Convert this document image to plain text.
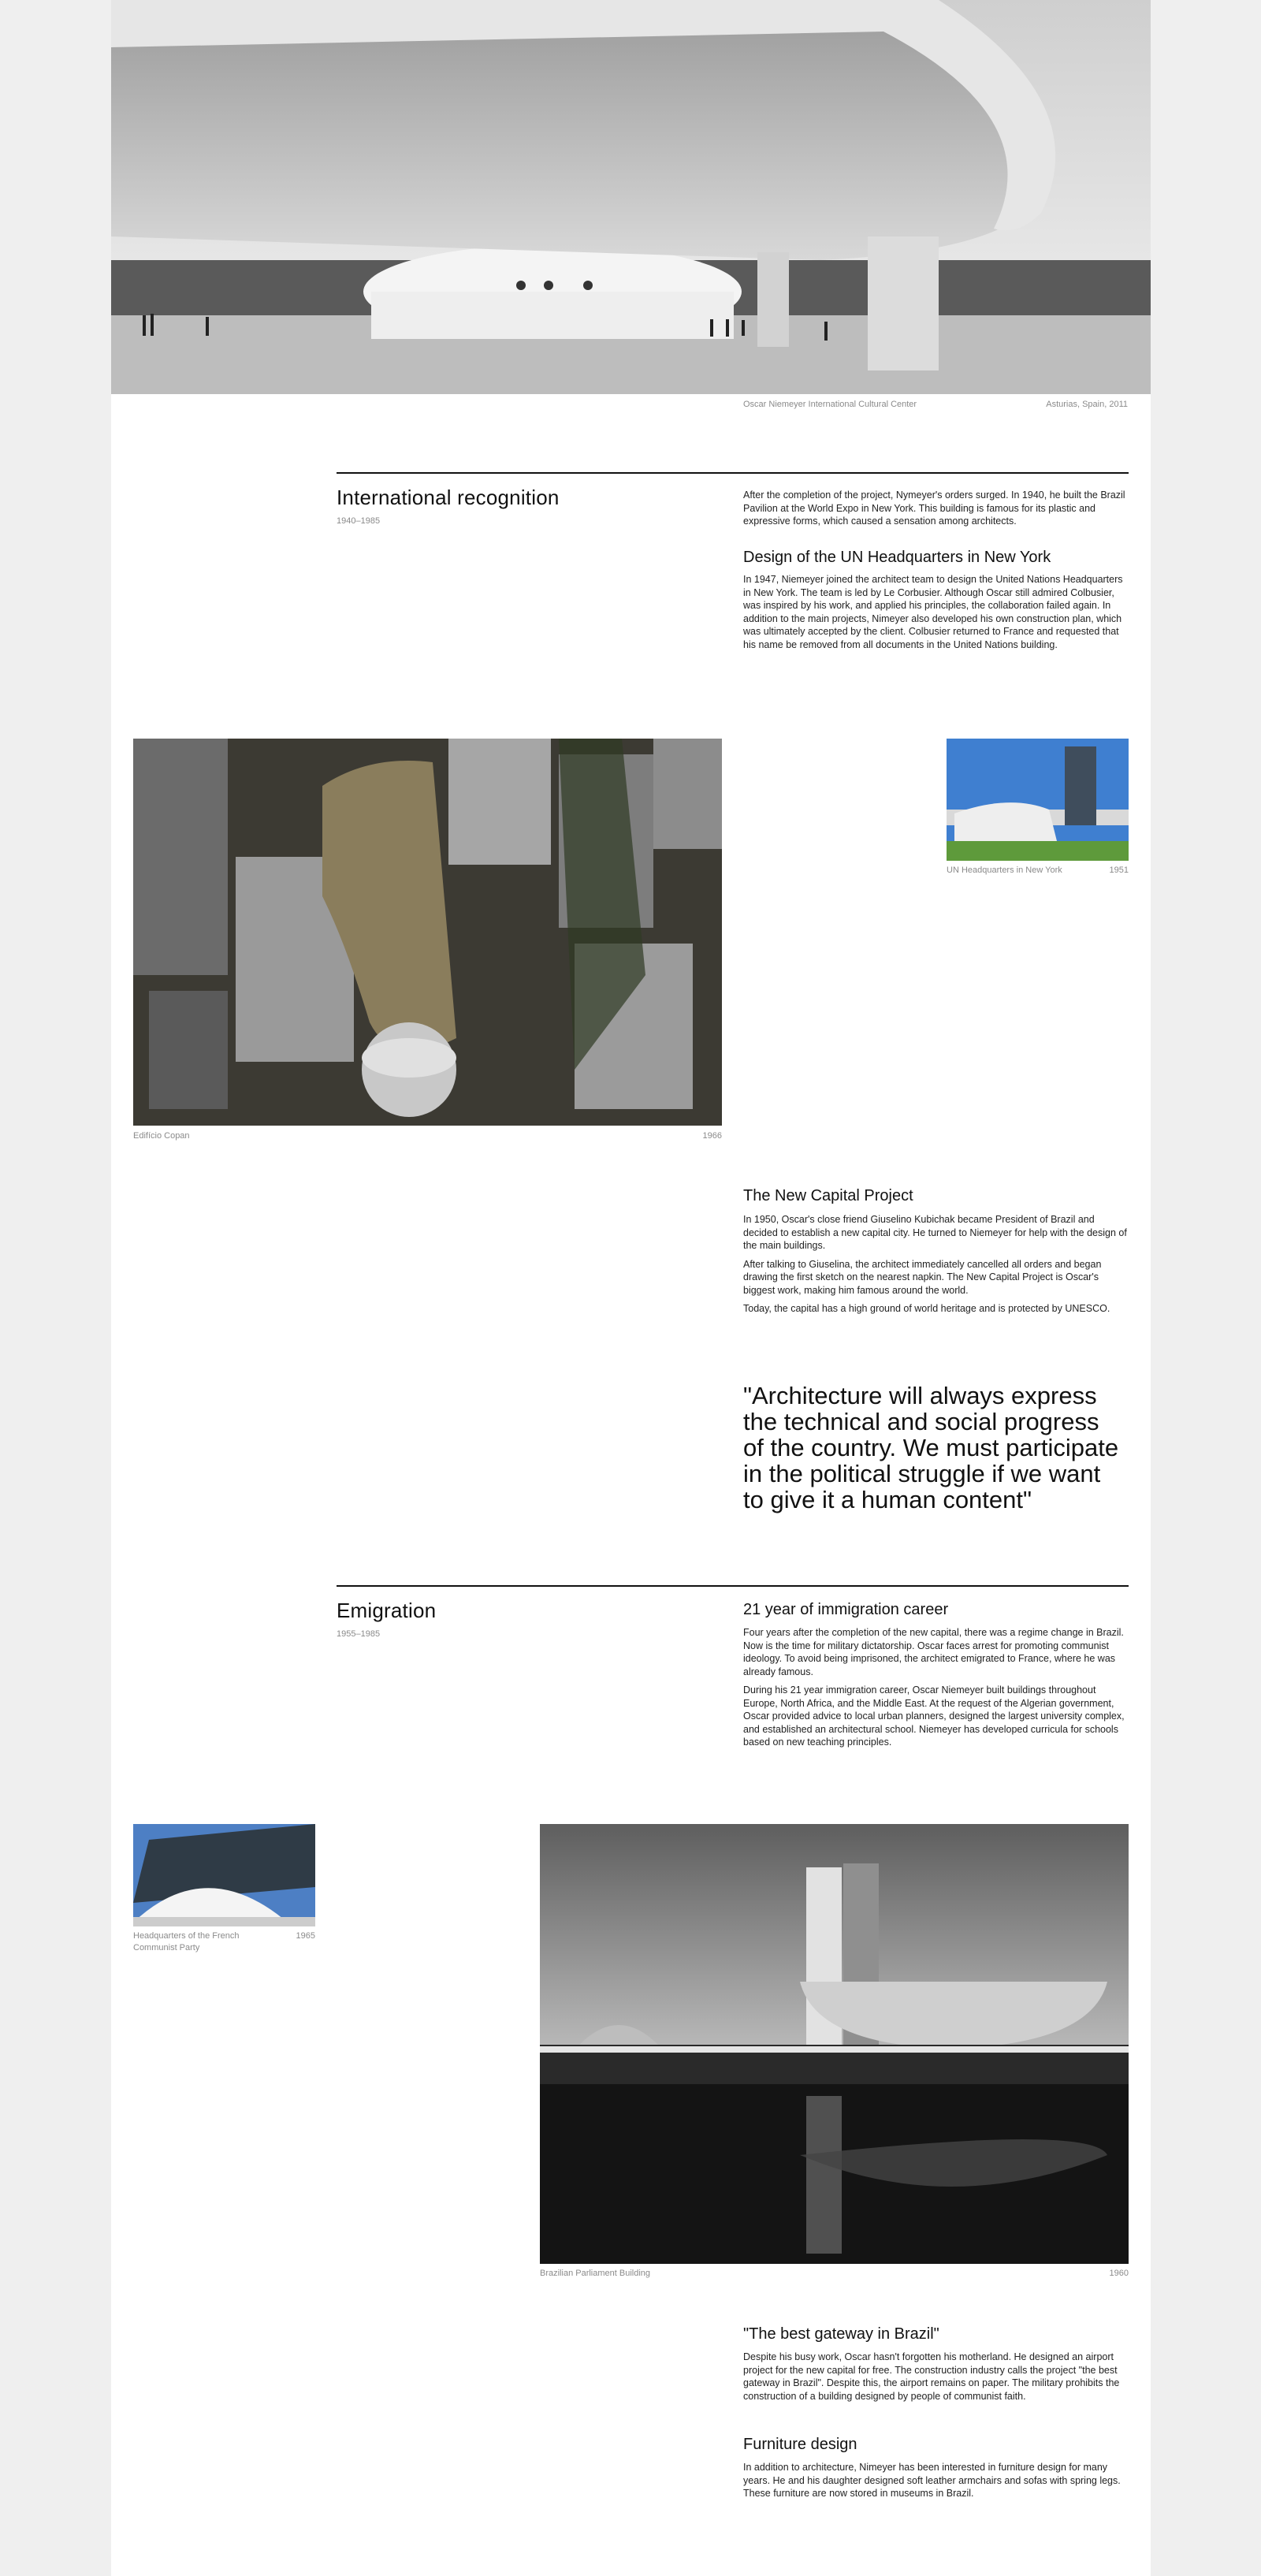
Oscar Niemeyer International Cultural Center	Asturias, Spain, 2011
International recognition
1940–1985
After the completion of the project, Nymeyer's orders surged. In 1940, he built the Brazil Pavilion at the World Expo in New York. This building is famous for its plastic and expressive forms, which caused a sensation among architects.
Design of the UN Headquarters in New York
In 1947, Niemeyer joined the architect team to design the United Nations Headquarters in New York. The team is led by Le Corbusier. Although Oscar still admired Colbusier, was inspired by his work, and applied his principles, the collaboration failed again. In addition to the main projects, Nimeyer also developed his own construction plan, which was ultimately accepted by the client. Colbusier returned to France and requested that his name be removed from all documents in the United Nations building.
Edifício Copan	1966
UN Headquarters in New York	1951
The New Capital Project
In 1950, Oscar's close friend Giuselino Kubichak became President of Brazil and decided to establish a new capital city. He turned to Niemeyer for help with the design of the main buildings.
After talking to Giuselina, the architect immediately cancelled all orders and began drawing the first sketch on the nearest napkin. The New Capital Project is Oscar's biggest work, making him famous around the world.
Today, the capital has a high ground of world heritage and is protected by UNESCO.
"Architecture will always express the technical and social progress of the country. We must participate in the political struggle if we want to give it a human content"
Emigration
1955–1985
21 year of immigration career
Four years after the completion of the new capital, there was a regime change in Brazil. Now is the time for military dictatorship. Oscar faces arrest for promoting communist ideology. To avoid being imprisoned, the architect emigrated to France, where he was already famous.
During his 21 year immigration career, Oscar Niemeyer built buildings throughout Europe, North Africa, and the Middle East. At the request of the Algerian government, Oscar provided advice to local urban planners, designed the largest university complex, and established an architectural school. Niemeyer has developed curricula for schools based on new teaching principles.
Headquarters of the French Communist Party
1965
Brazilian Parliament Building	1960
"The best gateway in Brazil"
Despite his busy work, Oscar hasn't forgotten his motherland. He designed an airport project for the new capital for free. The construction industry calls the project "the best gateway in Brazil". Despite this, the airport remains on paper. The military prohibits the construction of a building designed by people of communist faith.
Furniture design
In addition to architecture, Nimeyer has been interested in furniture design for many years. He and his daughter designed soft leather armchairs and sofas with spring legs. These furniture are now stored in museums in Brazil.
